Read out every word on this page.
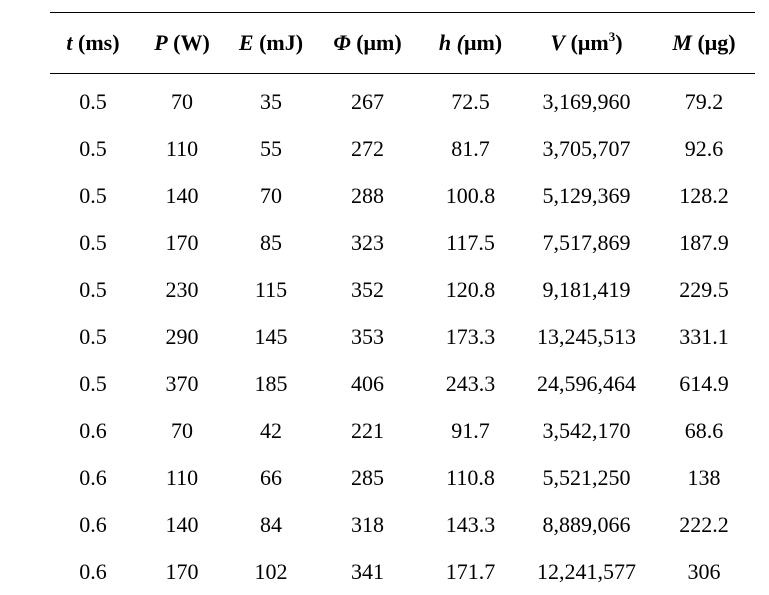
t (ms)	P (W)	E (mJ)	Φ (μm)	h (μm)	V $(\mu m^3)$	M (μg)
0.5	70	35	267	72.5	3,169,960	79.2
0.5	110	55	272	81.7	3,705,707	92.6
0.5	140	70	288	100.8	5,129,369	128.2
0.5	170	85	323	117.5	7,517,869	187.9
0.5	230	115	352	120.8	9,181,419	229.5
0.5	290	145	353	173.3	13,245,513	331.1
0.5	370	185	406	243.3	24,596,464	614.9
0.6	70	42	221	91.7	3,542,170	68.6
0.6	110	66	285	110.8	5,521,250	138
0.6	140	84	318	143.3	8,889,066	222.2
0.6	170	102	341	171.7	12,241,577	306
